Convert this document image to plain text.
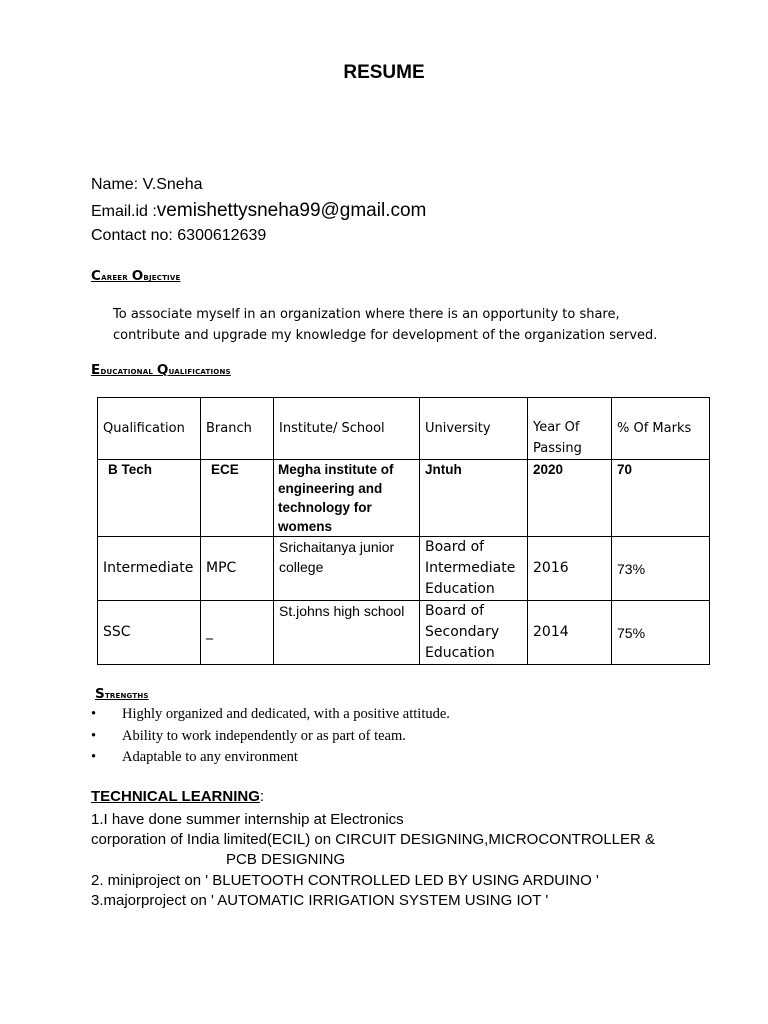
RESUME
Name: V.Sneha
Email.id :vemishettysneha99@gmail.com
Contact no: 6300612639
Career Objective
To associate myself in an organization where there is an opportunity to share,
contribute and upgrade my knowledge for development of the organization served.
Educational Qualifications
Qualification	Branch	Institute/ School	University	Year Of Passing	% Of Marks
B Tech	ECE	Megha institute of engineering and technology for womens	Jntuh	2020	70
Intermediate	MPC	Srichaitanya junior college	Board of Intermediate Education	2016	73%
SSC	_	St.johns high school	Board of Secondary Education	2014	75%
Strengths
• Highly organized and dedicated, with a positive attitude.
• Ability to work independently or as part of team.
• Adaptable to any environment
TECHNICAL LEARNING:
1.I have done summer internship at Electronics
corporation of India limited(ECIL) on CIRCUIT DESIGNING,MICROCONTROLLER &
PCB DESIGNING
2. miniproject on ' BLUETOOTH CONTROLLED LED BY USING ARDUINO '
3.majorproject on ' AUTOMATIC IRRIGATION SYSTEM USING IOT '
